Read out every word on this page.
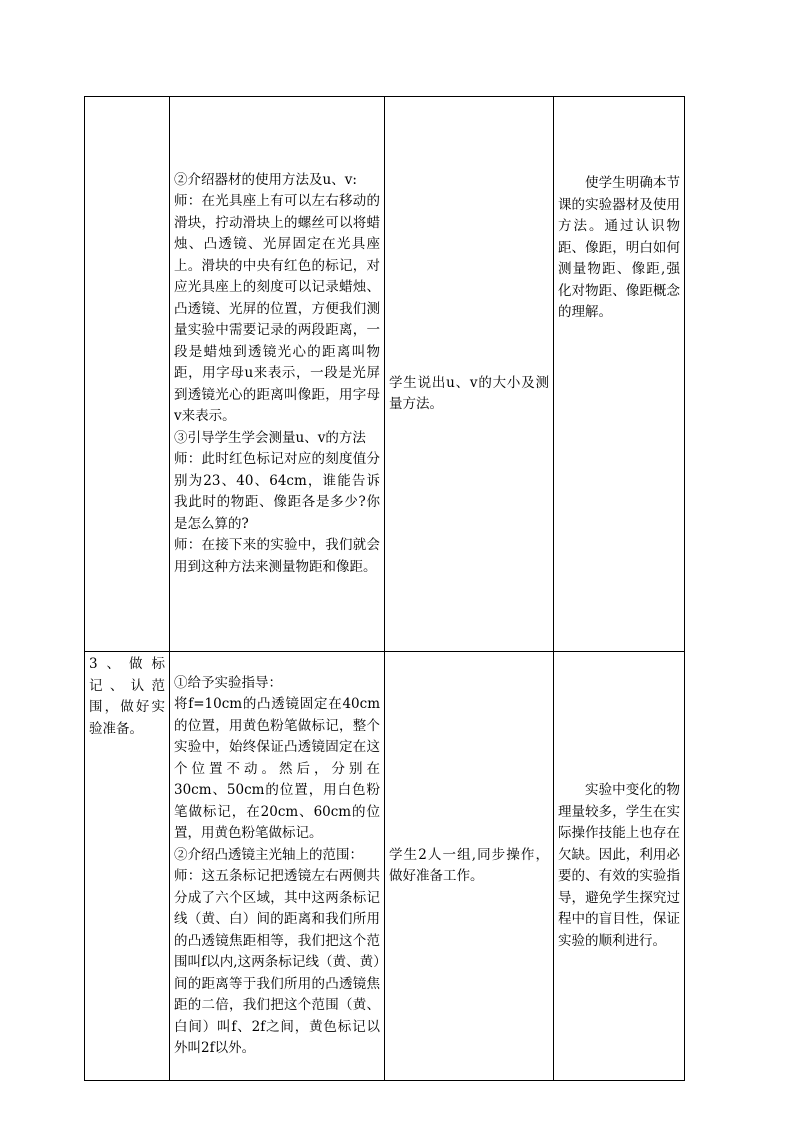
	②介绍器材的使用方法及u、v:
师：在光具座上有可以左右移动的滑块，拧动滑块上的螺丝可以将蜡烛、凸透镜、光屏固定在光具座上。滑块的中央有红色的标记，对应光具座上的刻度可以记录蜡烛、凸透镜、光屏的位置，方便我们测量实验中需要记录的两段距离，一段是蜡烛到透镜光心的距离叫物距，用字母u来表示，一段是光屏到透镜光心的距离叫像距，用字母v来表示。
③引导学生学会测量u、v的方法
师：此时红色标记对应的刻度值分别为23、40、64cm，谁能告诉我此时的物距、像距各是多少?你是怎么算的?
师：在接下来的实验中，我们就会用到这种方法来测量物距和像距。	学生说出u、v的大小及测量方法。	使学生明确本节课的实验器材及使用方法。通过认识物距、像距，明白如何测量物距、像距,强化对物距、像距概念的理解。

3、做标记、认范围，做好实验准备。	①给予实验指导：
将f=10cm的凸透镜固定在40cm的位置，用黄色粉笔做标记，整个实验中，始终保证凸透镜固定在这个位置不动。然后，分别在30cm、50cm的位置，用白色粉笔做标记，在20cm、60cm的位置，用黄色粉笔做标记。
②介绍凸透镜主光轴上的范围：
师：这五条标记把透镜左右两侧共分成了六个区域，其中这两条标记线（黄、白）间的距离和我们所用的凸透镜焦距相等，我们把这个范围叫f以内,这两条标记线（黄、黄）间的距离等于我们所用的凸透镜焦距的二倍，我们把这个范围（黄、白间）叫f、2f之间，黄色标记以外叫2f以外。	学生2人一组,同步操作，做好准备工作。	实验中变化的物理量较多，学生在实际操作技能上也存在欠缺。因此，利用必要的、有效的实验指导，避免学生探究过程中的盲目性，保证实验的顺利进行。
